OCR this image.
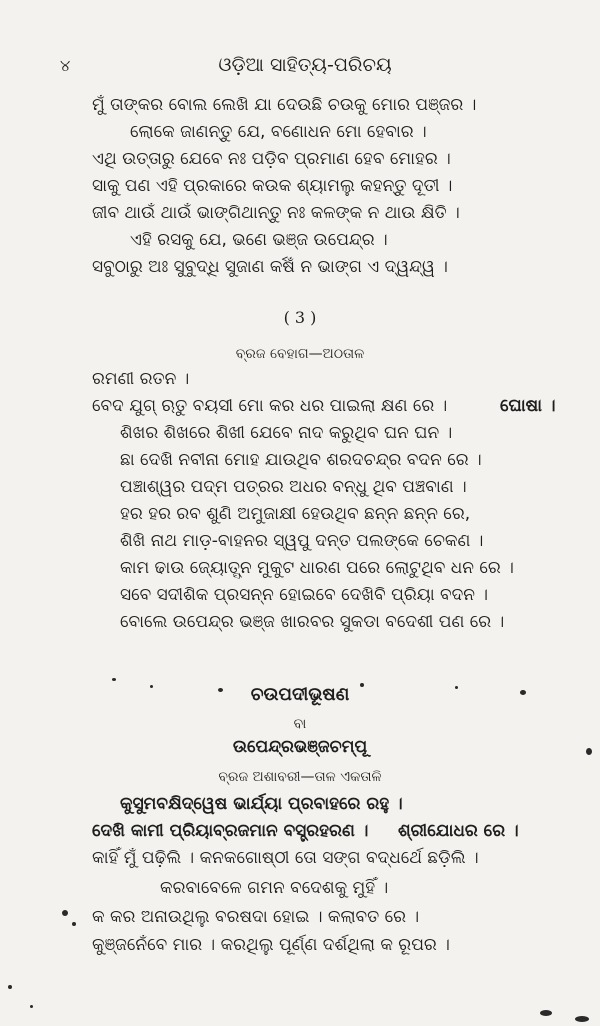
୪	ଓଡ଼ିଆ ସାହିତ୍ୟ-ପରିଚୟ
ମୁଁ ତାଙ୍କର ବୋଲ ଲେଖି ଯା ଦେଉଛି ଚଉକୁ ମୋର ପଞ୍ଜର ।
ଲୋକେ ଜାଣନ୍ତୁ ଯେ, ବଣୋଧନ ମୋ ହେବାର ।
ଏଥି ଉତ୍ତାରୁ ଯେବେ ନଃ ପଡ଼ିବ ପ୍ରମାଣ ହେବ ମୋହର ।
ସାକୁ ପଣ ଏହି ପ୍ରକାରେ କଉକ ଶ୍ୟାମଲୁ କହନ୍ତୁ ଦୂତୀ ।
ଜୀବ ଥାଉଁ ଥାଉଁ ଭାଙ୍ଗିଥାନ୍ତୁ ନଃ କଳଙ୍କ ନ ଥାଉ କ୍ଷିତି ।
ଏହି ରସକୁ ଯେ, ଭଣେ ଭଞ୍ଜ ଉପେନ୍ଦ୍ର ।
ସବୁଠାରୁ ଅଃ ସୁବୁଦ୍ଧି ସୁଜାଣ କର୍ଷଁ ନ ଭାଙ୍ଗ ଏ ଦ୍ୱନ୍ଦ୍ୱ ।
( 3 )
ବ୍ରଜ ବେହାଗ—ଅଠତାଳ
ରମଣୀ ରତନ ।
ବେଦ ଯୁଗ୍ ଋତୁ ବୟସୀ ମୋ କର ଧର ପାଇଲା କ୍ଷଣ ରେ ।	ଘୋଷା ।
ଶିଖର ଶିଖରେ ଶିଖୀ ଯେବେ ନାଦ କରୁଥିବ ଘନ ଘନ ।
ଛା ଦେଖି ନବୀନା ମୋହ ଯାଉଥିବ ଶରଦଚନ୍ଦ୍ର ବଦନ ରେ ।
ପଞ୍ଚାଶ୍ୱର ପଦ୍ମ ପତ୍ରର ଅଧର ବନ୍ଧୁ ଥିବ ପଞ୍ଚବାଣ ।
ହର ହର ରବ ଶୁଣି ଅମୁଜାକ୍ଷୀ ହେଉଥିବ ଛନ୍ନ ଛନ୍ନ ରେ,
ଶିଖି ନାଥ ମାଡ଼-ବାହନର ସ୍ୱପୁ ଦନ୍ତ ପଲଙ୍କେ ଚେକଣ ।
କାମ ଢାଉ ଜ୍ୟୋତ୍ସ୍ନ ମୁକୁଟ ଧାରଣ ପରେ ଲୋଟୁଥିବ ଧନ ରେ ।
ସବେ ସଦୀଶିକ ପ୍ରସନ୍ନ ହୋଇବେ ଦେଖିବି ପ୍ରିୟା ବଦନ ।
ବୋଲେ ଉପେନ୍ଦ୍ର ଭଞ୍ଜ ଖାରବର ସୁକଡା ବଦେଶୀ ପଣ ରେ ।
ଚଉପଦୀଭୂଷଣ
ବା
ଉପେନ୍ଦ୍ରଭଞ୍ଜଚମ୍ପୂ
ବ୍ରଜ ଅଶାବରୀ—ତାଳ ଏକତାଳି
କୁସୁମବକ୍ଷିଦ୍ୱେଷ ଭାର୍ଯ୍ୟା ପ୍ରବାହରେ ରହୁ ।
ଦେଖି କାମୀ ପ୍ରିୟାବ୍ରଜମାନ ବସ୍ତ୍ରହରଣ । ଶ୍ରୀଯୋଧର ରେ ।
କାହିଁ ମୁଁ ପଢ଼ିଲି । କନକଗୋଷ୍ଠୀ ତୋ ସଙ୍ଗ ବଦ୍ଧର୍ଥେ ଛଡ଼ିଲି ।
କରବାବେଳେ ଗମନ ବଦେଶକୁ ମୁହିଁ ।
କ କର ଅନାଉଥିଲୁ ବରଷଦା ହୋଇ । କଲାବତ ରେ ।
କୁଞ୍ଜନେଁବେ ମାର । କରଥିଲୁ ପୂର୍ଣ୍ଣ ଦର୍ଶଥିଲା କ ରୂପର ।
